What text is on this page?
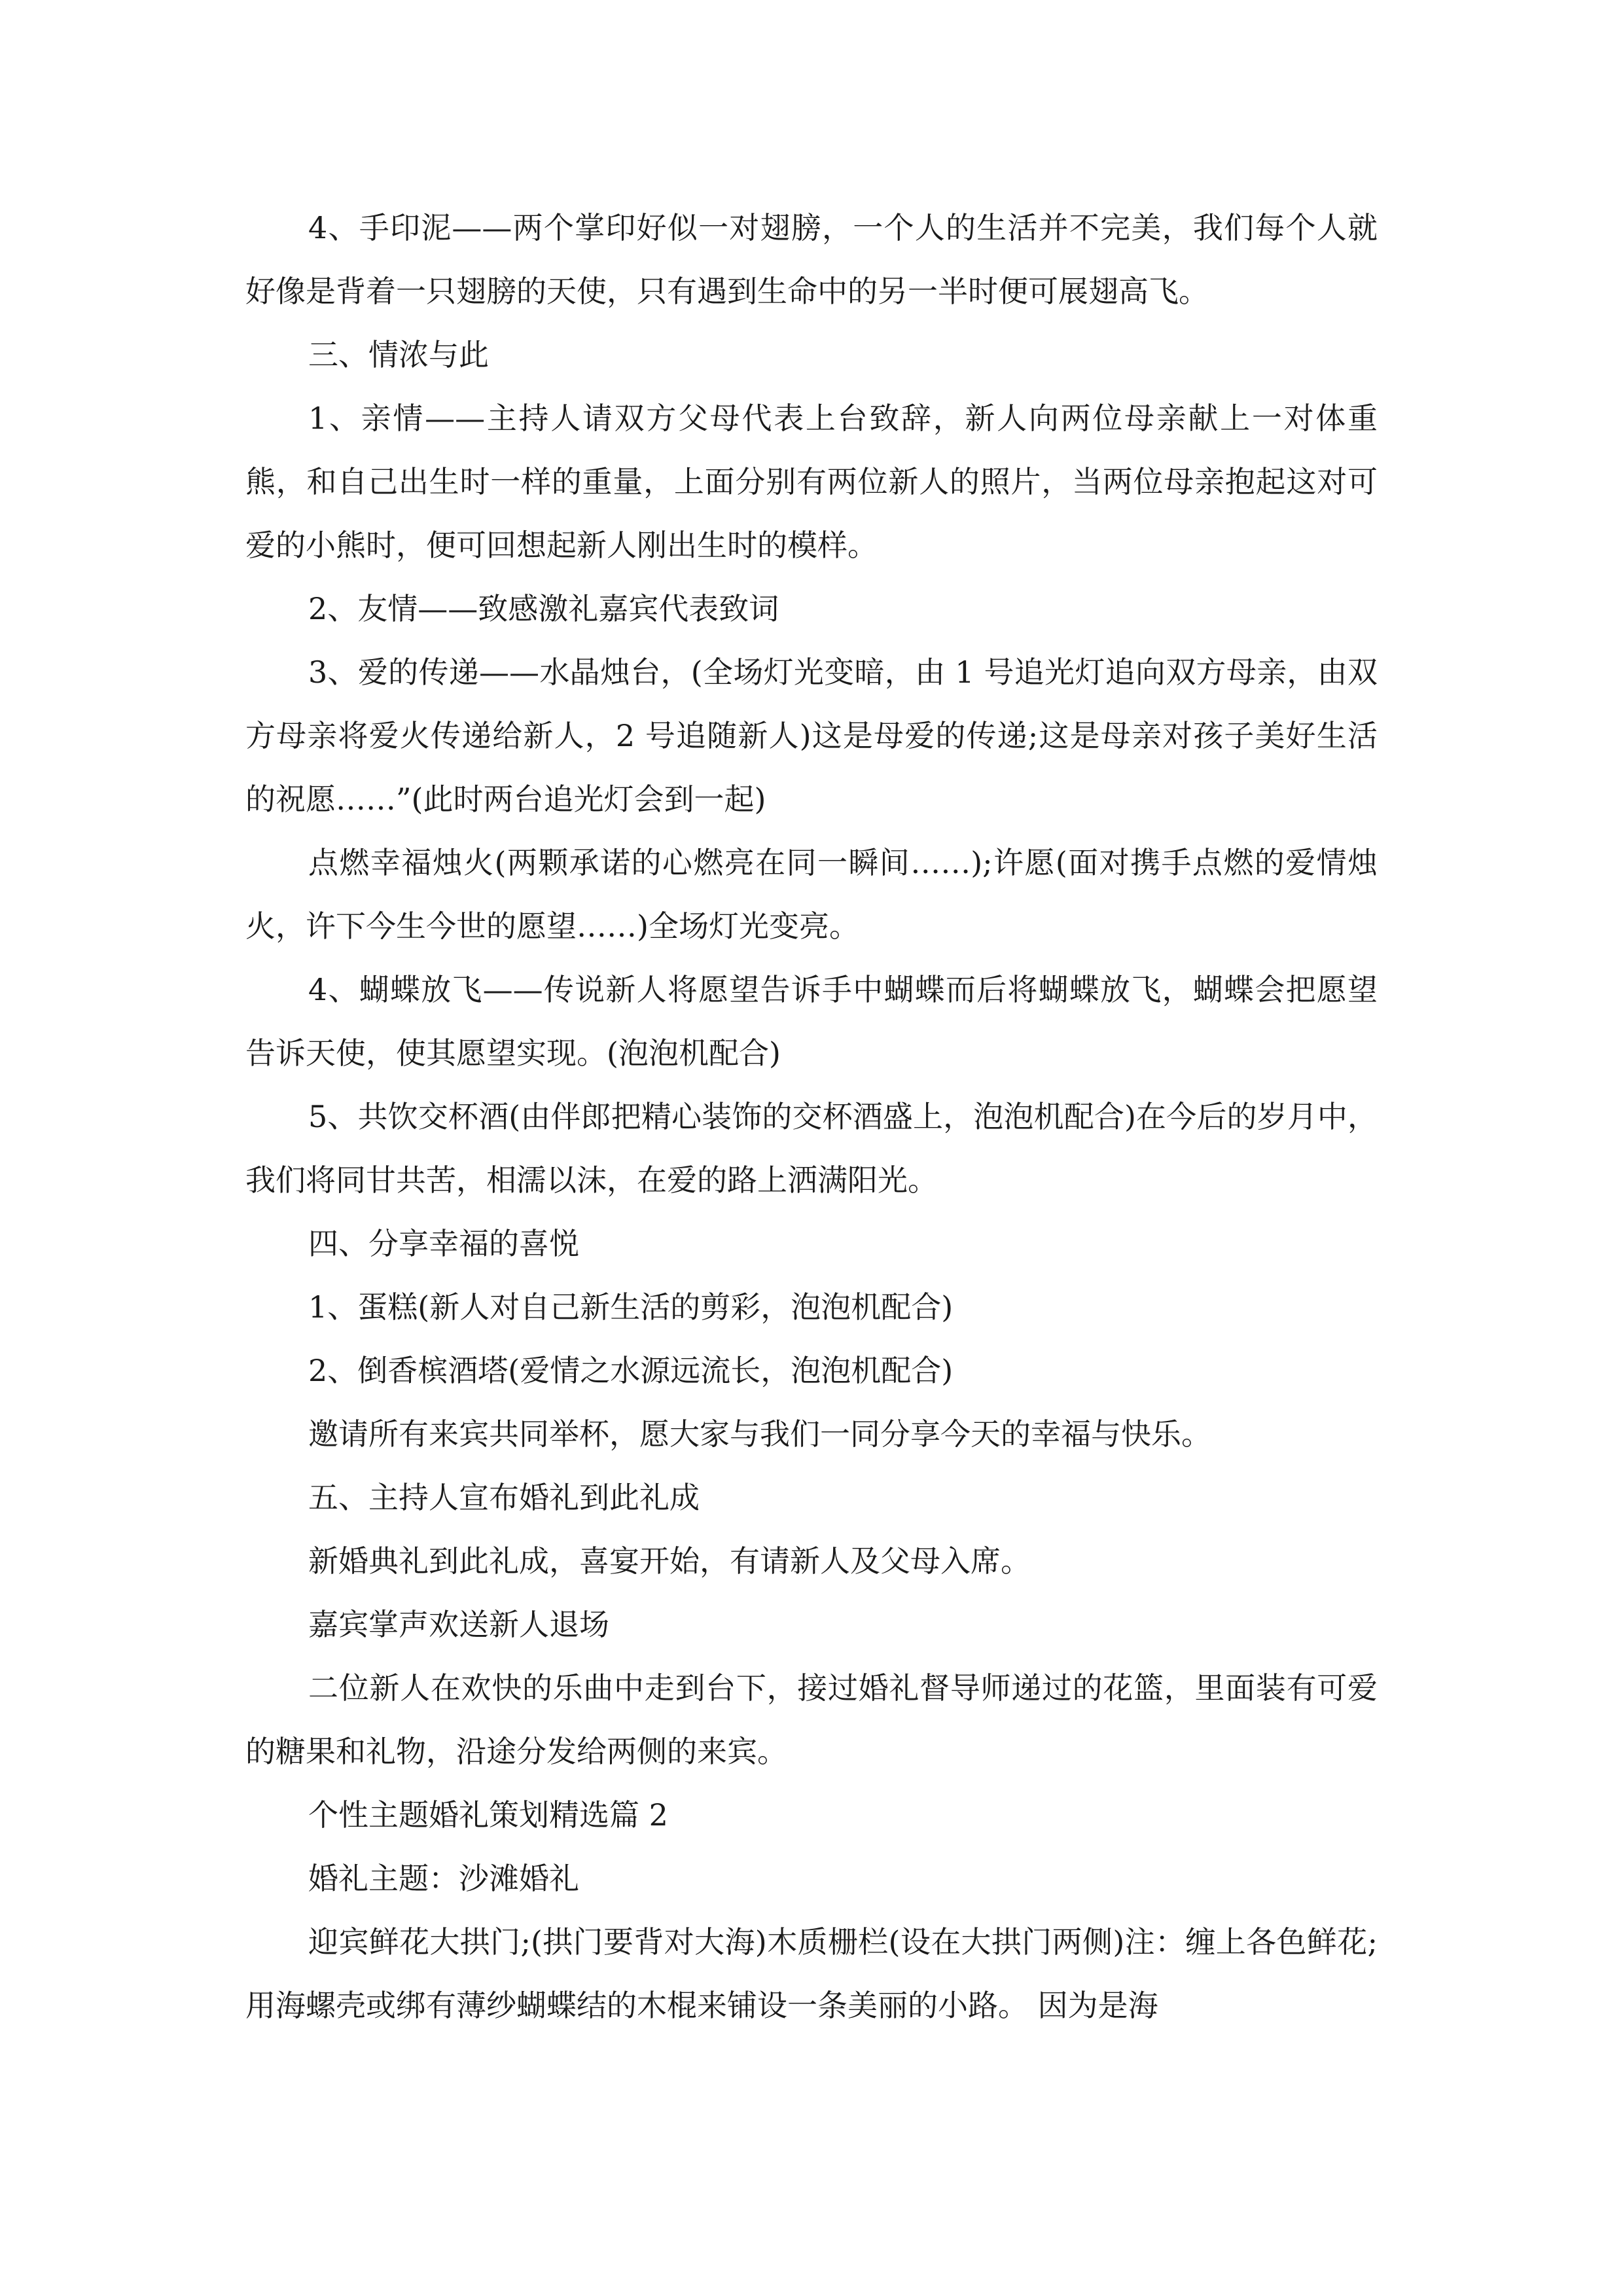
4、手印泥——两个掌印好似一对翅膀，一个人的生活并不完美，我们每个人就好像是背着一只翅膀的天使，只有遇到生命中的另一半时便可展翅高飞。

三、情浓与此

1、亲情——主持人请双方父母代表上台致辞，新人向两位母亲献上一对体重熊，和自己出生时一样的重量，上面分别有两位新人的照片，当两位母亲抱起这对可爱的小熊时，便可回想起新人刚出生时的模样。

2、友情——致感激礼嘉宾代表致词

3、爱的传递——水晶烛台，(全场灯光变暗，由 1 号追光灯追向双方母亲，由双方母亲将爱火传递给新人，2 号追随新人)这是母爱的传递;这是母亲对孩子美好生活的祝愿……”(此时两台追光灯会到一起)

点燃幸福烛火(两颗承诺的心燃亮在同一瞬间……);许愿(面对携手点燃的爱情烛火，许下今生今世的愿望……)全场灯光变亮。

4、蝴蝶放飞——传说新人将愿望告诉手中蝴蝶而后将蝴蝶放飞，蝴蝶会把愿望告诉天使，使其愿望实现。(泡泡机配合)

5、共饮交杯酒(由伴郎把精心装饰的交杯酒盛上，泡泡机配合)在今后的岁月中，我们将同甘共苦，相濡以沫，在爱的路上洒满阳光。

四、分享幸福的喜悦

1、蛋糕(新人对自己新生活的剪彩，泡泡机配合)

2、倒香槟酒塔(爱情之水源远流长，泡泡机配合)

邀请所有来宾共同举杯，愿大家与我们一同分享今天的幸福与快乐。

五、主持人宣布婚礼到此礼成

新婚典礼到此礼成，喜宴开始，有请新人及父母入席。

嘉宾掌声欢送新人退场

二位新人在欢快的乐曲中走到台下，接过婚礼督导师递过的花篮，里面装有可爱的糖果和礼物，沿途分发给两侧的来宾。

个性主题婚礼策划精选篇 2

婚礼主题：沙滩婚礼

迎宾鲜花大拱门;(拱门要背对大海)木质栅栏(设在大拱门两侧)注：缠上各色鲜花;用海螺壳或绑有薄纱蝴蝶结的木棍来铺设一条美丽的小路。 因为是海
